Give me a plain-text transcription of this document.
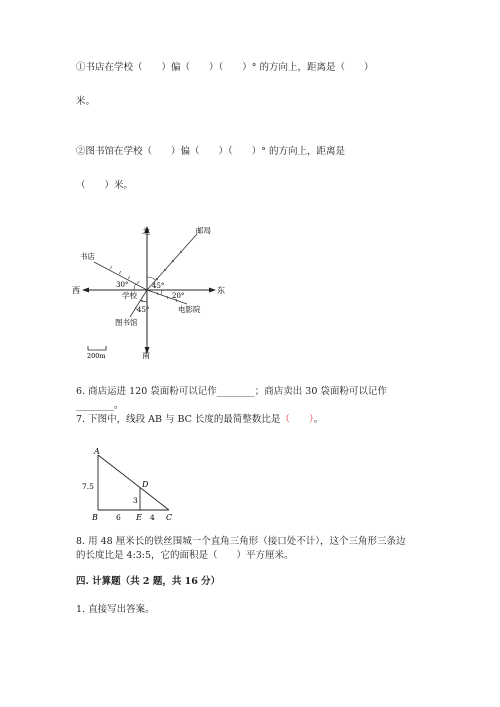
①书店在学校（　　）偏（　　）（　　）° 的方向上，距离是（　　）
米。
②图书馆在学校（　　）偏（　　）（　　）° 的方向上，距离是
（　　）米。
北
南
东
西
书店
邮局
学校
图书馆
电影院
30°	45°
20°
45°
200m
6. 商店运进 120 袋面粉可以记作________；商店卖出 30 袋面粉可以记作
________。
7. 下图中，线段 AB 与 BC 长度的最简整数比是（　　）。
A
B	C
D
E
7.5
3
6	4
8. 用 48 厘米长的铁丝围城一个直角三角形（接口处不计），这个三角形三条边
的长度比是 4:3:5，它的面积是（　　）平方厘米。
四. 计算题（共 2 题，共 16 分）
1. 直接写出答案。
